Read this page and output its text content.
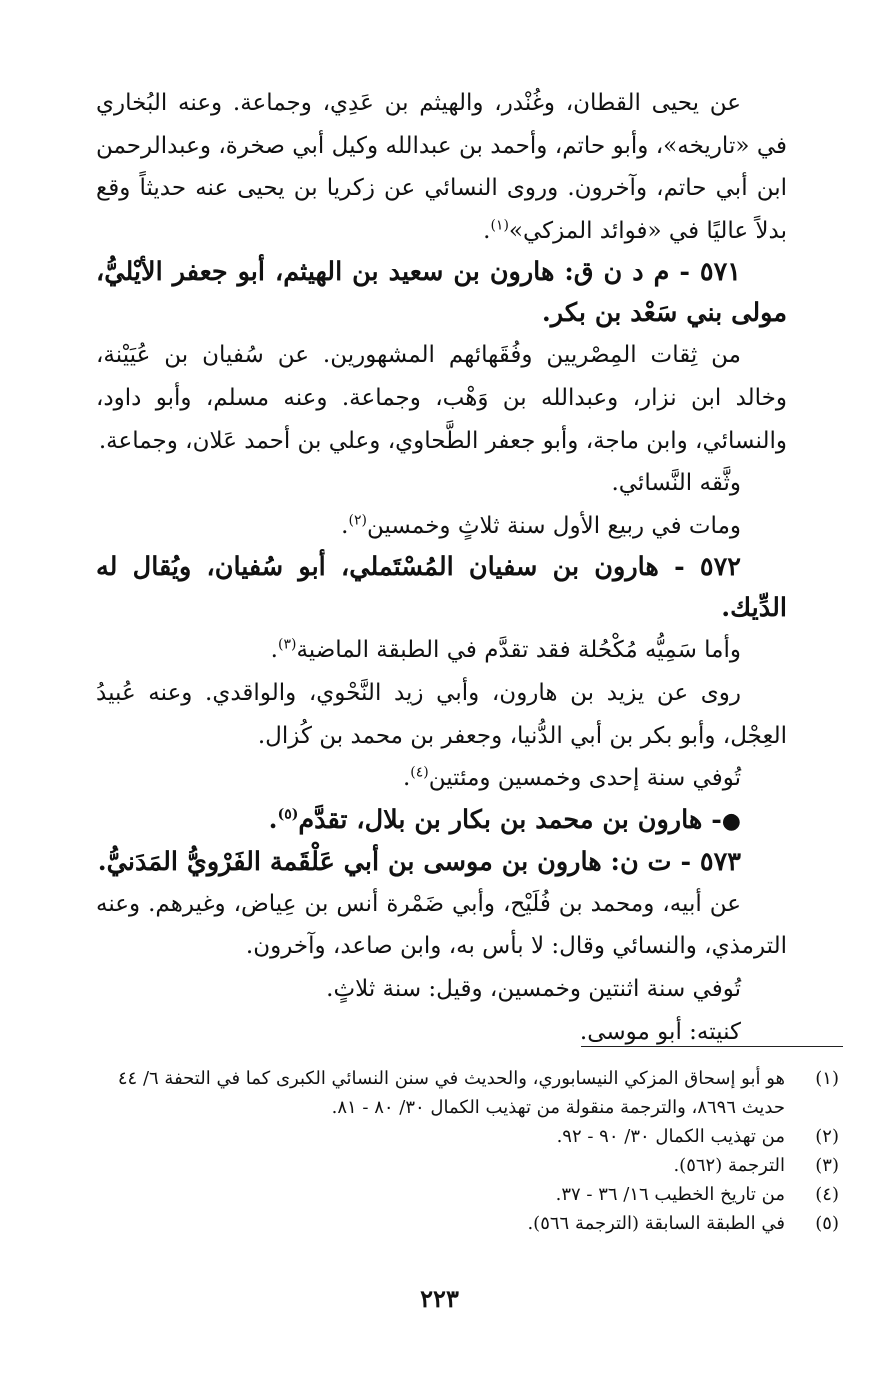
عن يحيى القطان، وغُنْدر، والهيثم بن عَدِي، وجماعة. وعنه البُخاري في «تاريخه»، وأبو حاتم، وأحمد بن عبدالله وكيل أبي صخرة، وعبدالرحمن ابن أبي حاتم، وآخرون. وروى النسائي عن زكريا بن يحيى عنه حديثاً وقع بدلاً عاليًا في «فوائد المزكي»$^{(١)}$.

٥٧١ - م د ن ق: هارون بن سعيد بن الهيثم، أبو جعفر الأيْليُّ، مولى بني سَعْد بن بكر.

من ثِقات المِصْريين وفُقَهائهم المشهورين. عن سُفيان بن عُيَيْنة، وخالد ابن نزار، وعبدالله بن وَهْب، وجماعة. وعنه مسلم، وأبو داود، والنسائي، وابن ماجة، وأبو جعفر الطَّحاوي، وعلي بن أحمد عَلان، وجماعة.

وثَّقه النَّسائي.

ومات في ربيع الأول سنة ثلاثٍ وخمسين$^{(٢)}$.

٥٧٢ - هارون بن سفيان المُسْتَملي، أبو سُفيان، ويُقال له الدِّيك.

وأما سَمِيُّه مُكْحُلة فقد تقدَّم في الطبقة الماضية$^{(٣)}$.

روى عن يزيد بن هارون، وأبي زيد النَّحْوي، والواقدي. وعنه عُبيدُ العِجْل، وأبو بكر بن أبي الدُّنيا، وجعفر بن محمد بن كُزال.

تُوفي سنة إحدى وخمسين ومئتين$^{(٤)}$.

●- هارون بن محمد بن بكار بن بلال، تقدَّم$^{(٥)}$.

٥٧٣ - ت ن: هارون بن موسى بن أبي عَلْقَمة الفَرْويُّ المَدَنيُّ.

عن أبيه، ومحمد بن فُلَيْح، وأبي ضَمْرة أنس بن عِياض، وغيرهم. وعنه الترمذي، والنسائي وقال: لا بأس به، وابن صاعد، وآخرون.

تُوفي سنة اثنتين وخمسين، وقيل: سنة ثلاثٍ.

كنيته: أبو موسى.

(١)
هو أبو إسحاق المزكي النيسابوري، والحديث في سنن النسائي الكبرى كما في التحفة ٦/ ٤٤ حديث ٨٦٩٦، والترجمة منقولة من تهذيب الكمال ٣٠/ ٨٠ - ٨١.
(٢)
من تهذيب الكمال ٣٠/ ٩٠ - ٩٢.
(٣)
الترجمة (٥٦٢).
(٤)
من تاريخ الخطيب ١٦/ ٣٦ - ٣٧.
(٥)
في الطبقة السابقة (الترجمة ٥٦٦).
٢٢٣
